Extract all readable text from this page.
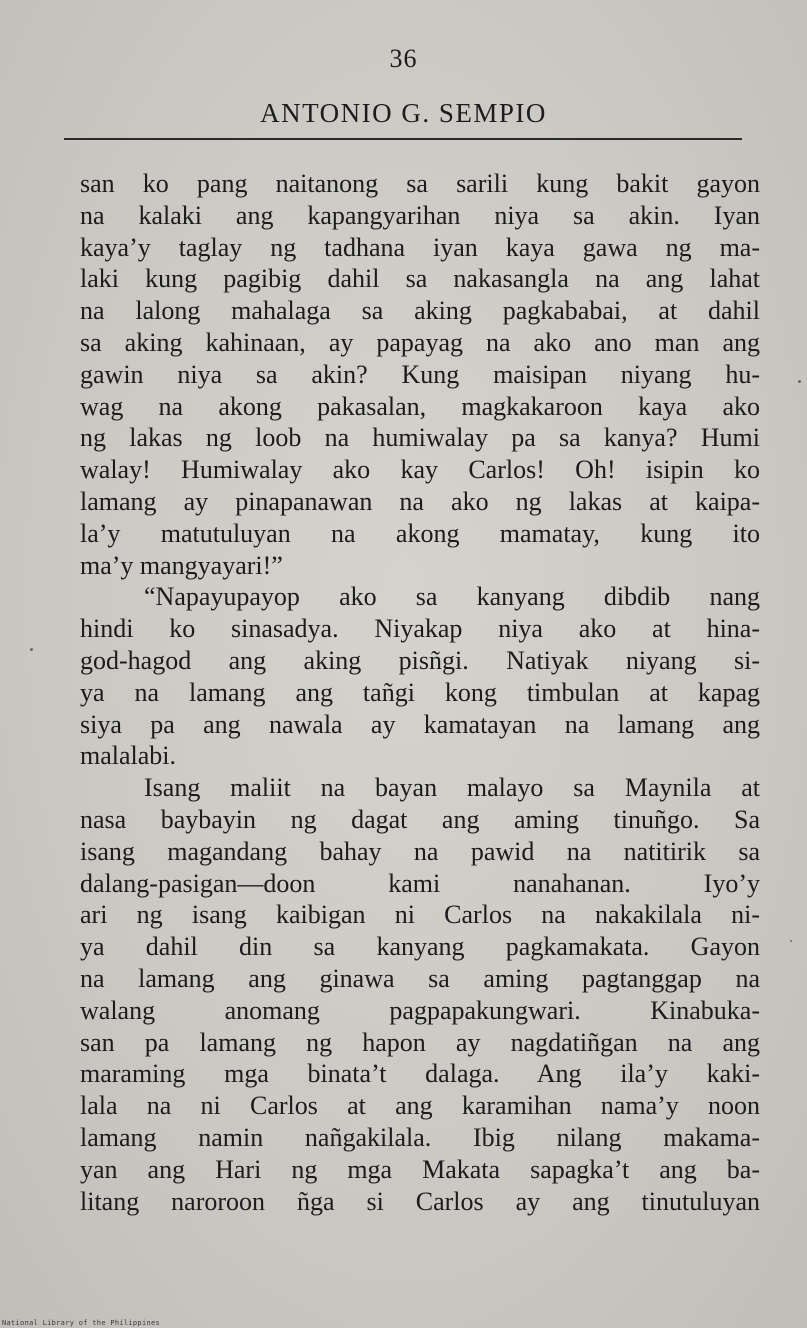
36
ANTONIO G. SEMPIO
san ko pang naitanong sa sarili kung bakit gayon
na kalaki ang kapangyarihan niya sa akin. Iyan
kaya’y taglay ng tadhana iyan kaya gawa ng ma-
laki kung pagibig dahil sa nakasangla na ang lahat
na lalong mahalaga sa aking pagkababai, at dahil
sa aking kahinaan, ay papayag na ako ano man ang
gawin niya sa akin? Kung maisipan niyang hu-
wag na akong pakasalan, magkakaroon kaya ako
ng lakas ng loob na humiwalay pa sa kanya? Humi
walay! Humiwalay ako kay Carlos! Oh! isipin ko
lamang ay pinapanawan na ako ng lakas at kaipa-
la’y matutuluyan na akong mamatay, kung ito
ma’y mangyayari!”
“Napayupayop ako sa kanyang dibdib nang
hindi ko sinasadya. Niyakap niya ako at hina-
god-hagod ang aking pisñgi. Natiyak niyang si-
ya na lamang ang tañgi kong timbulan at kapag
siya pa ang nawala ay kamatayan na lamang ang
malalabi.
Isang maliit na bayan malayo sa Maynila at
nasa baybayin ng dagat ang aming tinuñgo. Sa
isang magandang bahay na pawid na natitirik sa
dalang-pasigan—doon kami nanahanan. Iyo’y
ari ng isang kaibigan ni Carlos na nakakilala ni-
ya dahil din sa kanyang pagkamakata. Gayon
na lamang ang ginawa sa aming pagtanggap na
walang anomang pagpapakungwari. Kinabuka-
san pa lamang ng hapon ay nagdatiñgan na ang
maraming mga binata’t dalaga. Ang ila’y kaki-
lala na ni Carlos at ang karamihan nama’y noon
lamang namin nañgakilala. Ibig nilang makama-
yan ang Hari ng mga Makata sapagka’t ang ba-
litang naroroon ñga si Carlos ay ang tinutuluyan
National Library of the Philippines
